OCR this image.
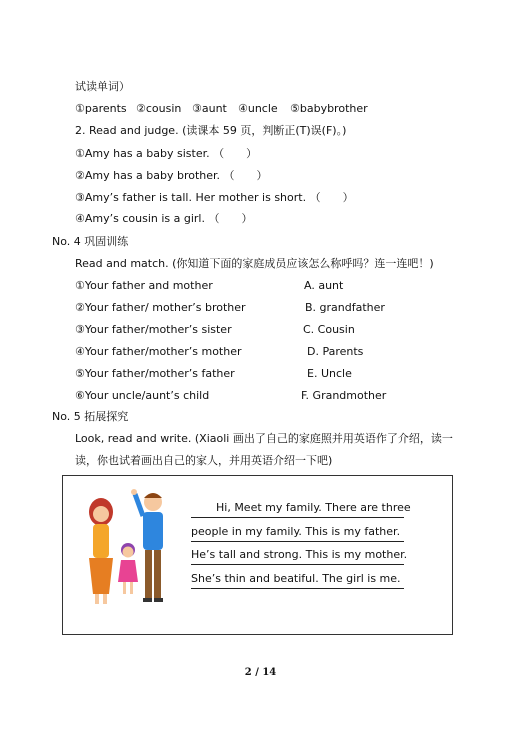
试读单词）
①parents ②cousin ③aunt ④uncle ⑤babybrother
2. Read and judge. (读课本 59 页，判断正(T)误(F)。)
①Amy has a baby sister. （　　）
②Amy has a baby brother. （　　）
③Amy’s father is tall. Her mother is short. （　　）
④Amy’s cousin is a girl. （　　）
No. 4 巩固训练
Read and match. (你知道下面的家庭成员应该怎么称呼吗？连一连吧！)
①Your father and mother
②Your father/ mother’s brother
③Your father/mother’s sister
④Your father/mother’s mother
⑤Your father/mother’s father
⑥Your uncle/aunt’s child
A. aunt
B. grandfather
C. Cousin
D. Parents
E. Uncle
F. Grandmother
No. 5 拓展探究
Look, read and write. (Xiaoli 画出了自己的家庭照并用英语作了介绍，读一
读，你也试着画出自己的家人，并用英语介绍一下吧)
Hi, Meet my family. There are three
people in my family. This is my father.
He’s tall and strong. This is my mother.
She’s thin and beatiful. The girl is me.
2 / 14
